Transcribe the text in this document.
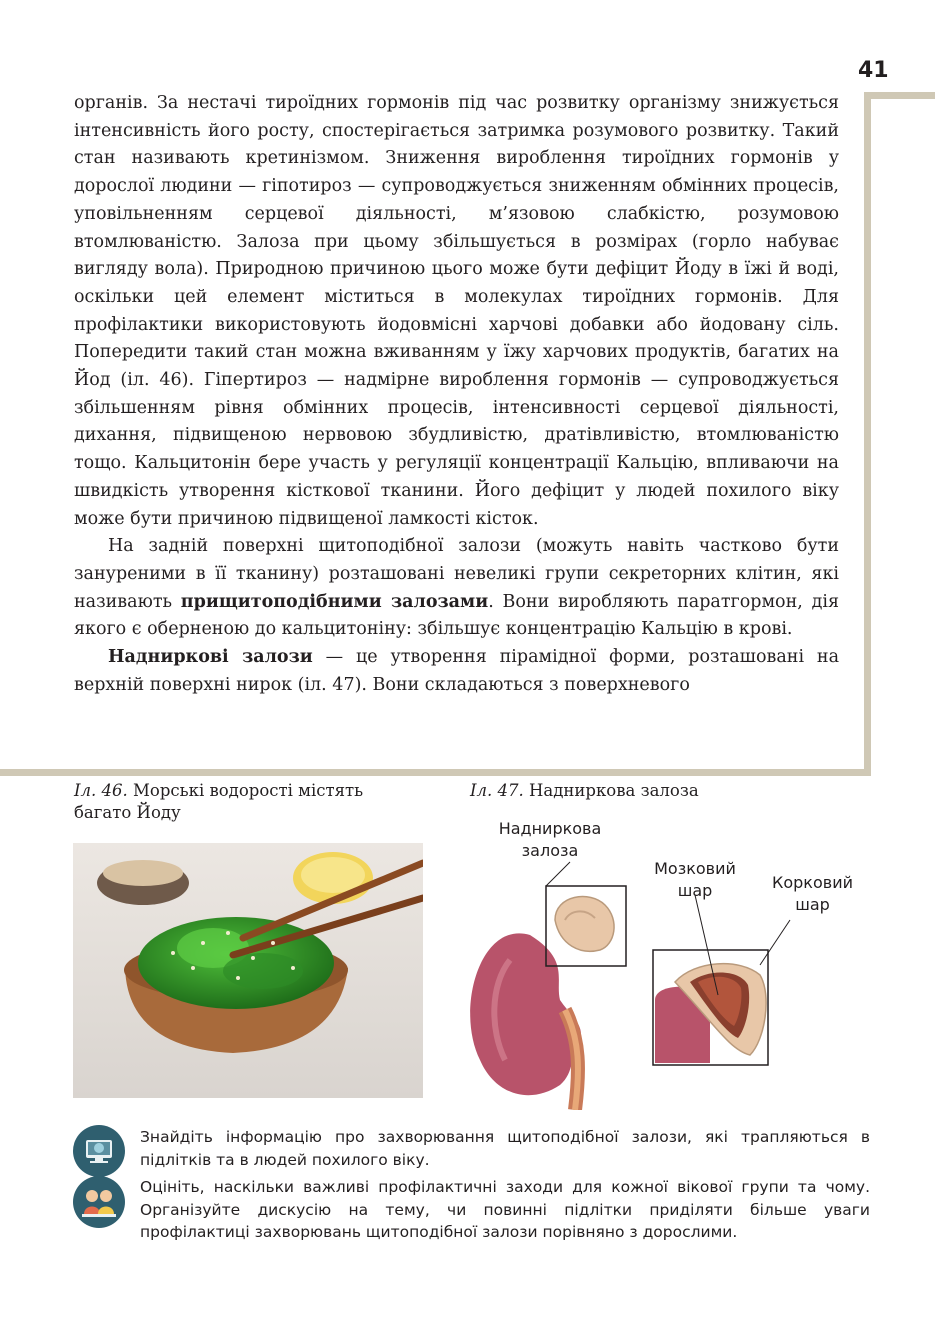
41

органів. За нестачі тироїдних гормонів під час розвитку організму знижується інтенсивність його росту, спостерігається затримка розумового розвитку. Такий стан називають кретинізмом. Зниження вироблення тироїдних гормонів у дорослої людини — гіпотироз — супроводжується зниженням обмінних процесів, уповільненням серцевої діяльності, м’язовою слабкістю, розумовою втомлюваністю. Залоза при цьому збільшується в розмірах (горло набуває вигляду вола). Природною причиною цього може бути дефіцит Йоду в їжі й воді, оскільки цей елемент міститься в молекулах тироїдних гормонів. Для профілактики використовують йодовмісні харчові добавки або йодовану сіль. Попередити такий стан можна вживанням у їжу харчових продуктів, багатих на Йод (іл. 46). Гіпертироз — надмірне вироблення гормонів — супроводжується збільшенням рівня обмінних процесів, інтенсивності серцевої діяльності, дихання, підвищеною нервовою збудливістю, дратівливістю, втомлюваністю тощо. Кальцитонін бере участь у регуляції концентрації Кальцію, впливаючи на швидкість утворення кісткової тканини. Його дефіцит у людей похилого віку може бути причиною підвищеної ламкості кісток.

На задній поверхні щитоподібної залози (можуть навіть частково бути зануреними в її тканину) розташовані невеликі групи секреторних клітин, які називають прищитоподібними залозами. Вони виробляють паратгормон, дія якого є оберненою до кальцитоніну: збільшує концентрацію Кальцію в крові.

Надниркові залози — це утворення пірамідної форми, розташовані на верхній поверхні нирок (іл. 47). Вони складаються з поверхневого

Іл. 46. Морські водорості містять багато Йоду
Іл. 47. Надниркова залоза
Надниркова
залоза
Мозковий
шар	Корковий
шар
Знайдіть інформацію про захворювання щитоподібної залози, які трапляються в підлітків та в людей похилого віку.
Оцініть, наскільки важливі профілактичні заходи для кожної вікової групи та чому. Організуйте дискусію на тему, чи повинні підлітки приділяти більше уваги профілактиці захворювань щитоподібної залози порівняно з дорослими.
